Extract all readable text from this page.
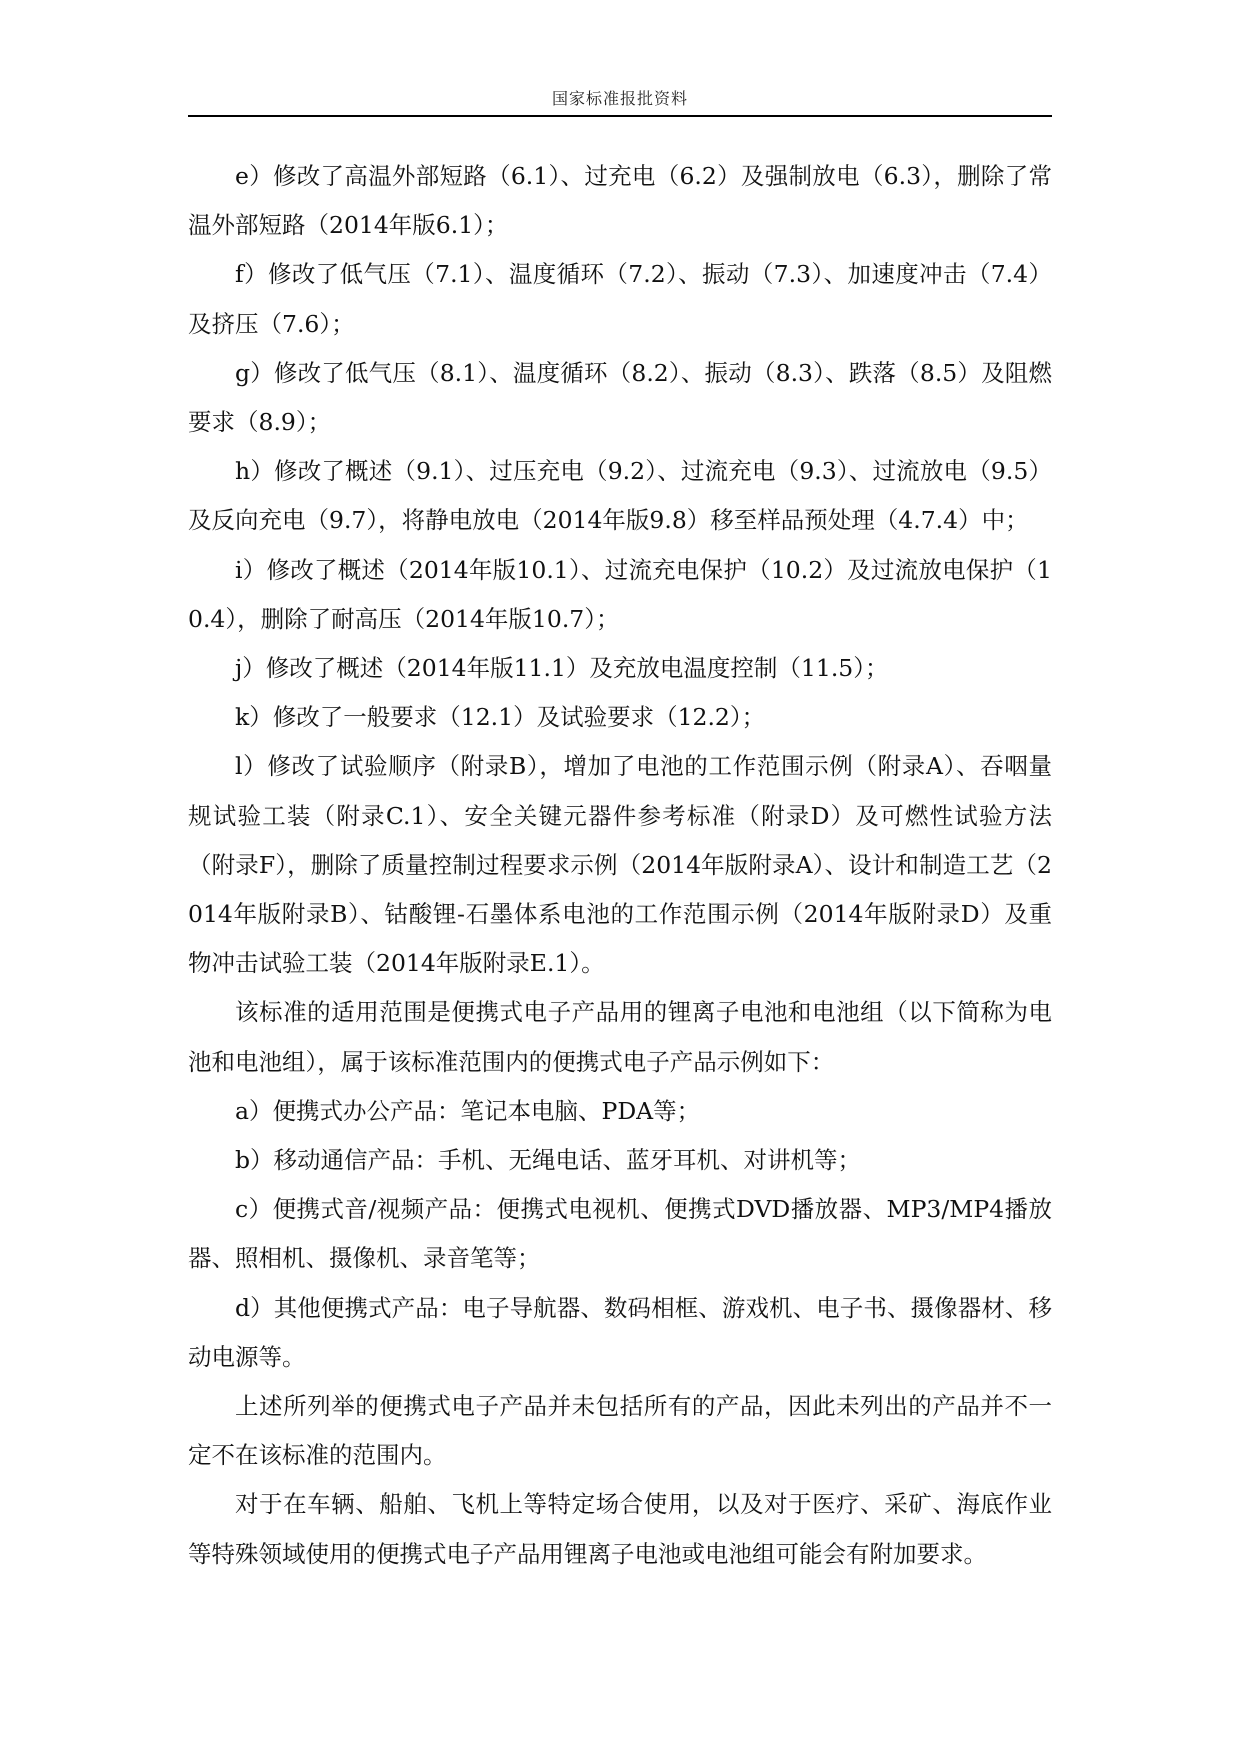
国家标准报批资料

e）修改了高温外部短路（6.1）、过充电（6.2）及强制放电（6.3），删除了常温外部短路（2014年版6.1）；

f）修改了低气压（7.1）、温度循环（7.2）、振动（7.3）、加速度冲击（7.4）及挤压（7.6）；

g）修改了低气压（8.1）、温度循环（8.2）、振动（8.3）、跌落（8.5）及阻燃要求（8.9）；

h）修改了概述（9.1）、过压充电（9.2）、过流充电（9.3）、过流放电（9.5）及反向充电（9.7），将静电放电（2014年版9.8）移至样品预处理（4.7.4）中；

i）修改了概述（2014年版10.1）、过流充电保护（10.2）及过流放电保护（10.4），删除了耐高压（2014年版10.7）；

j）修改了概述（2014年版11.1）及充放电温度控制（11.5）；

k）修改了一般要求（12.1）及试验要求（12.2）；

l）修改了试验顺序（附录B），增加了电池的工作范围示例（附录A）、吞咽量规试验工装（附录C.1）、安全关键元器件参考标准（附录D）及可燃性试验方法（附录F），删除了质量控制过程要求示例（2014年版附录A）、设计和制造工艺（2014年版附录B）、钴酸锂-石墨体系电池的工作范围示例（2014年版附录D）及重物冲击试验工装（2014年版附录E.1）。

该标准的适用范围是便携式电子产品用的锂离子电池和电池组（以下简称为电池和电池组），属于该标准范围内的便携式电子产品示例如下：

a）便携式办公产品：笔记本电脑、PDA等；

b）移动通信产品：手机、无绳电话、蓝牙耳机、对讲机等；

c）便携式音/视频产品：便携式电视机、便携式DVD播放器、MP3/MP4播放器、照相机、摄像机、录音笔等；

d）其他便携式产品：电子导航器、数码相框、游戏机、电子书、摄像器材、移动电源等。

上述所列举的便携式电子产品并未包括所有的产品，因此未列出的产品并不一定不在该标准的范围内。

对于在车辆、船舶、飞机上等特定场合使用，以及对于医疗、采矿、海底作业等特殊领域使用的便携式电子产品用锂离子电池或电池组可能会有附加要求。
